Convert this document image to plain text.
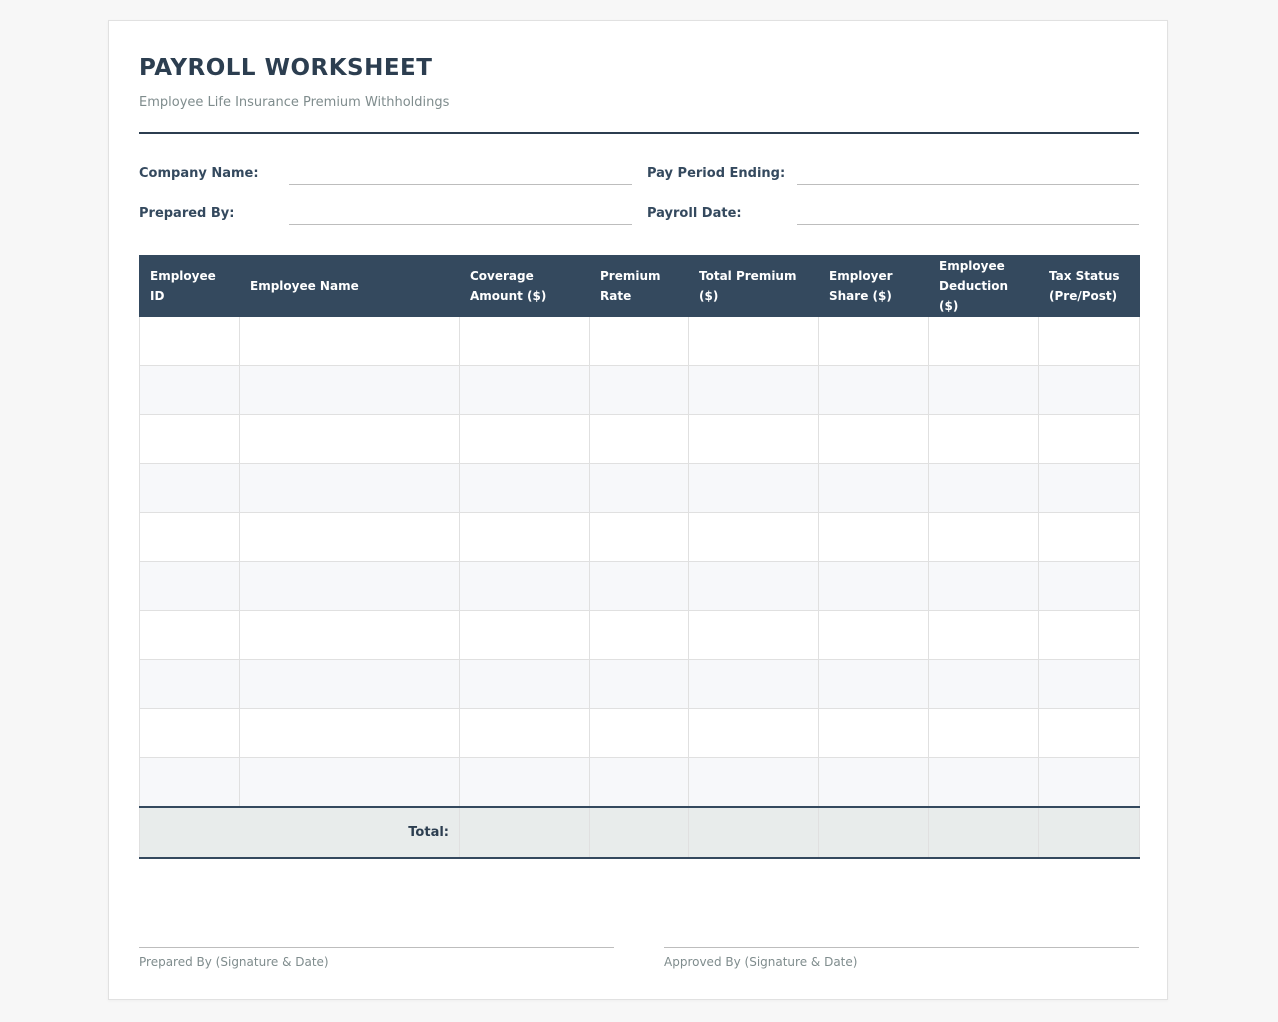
PAYROLL WORKSHEET
Employee Life Insurance Premium Withholdings
Company Name:	Pay Period Ending:
Prepared By:	Payroll Date:
Employee ID	Employee Name	Coverage Amount ($)	Premium Rate	Total Premium ($)	Employer Share ($)	Employee Deduction ($)	Tax Status (Pre/Post)

Total:							
Prepared By (Signature & Date)	Approved By (Signature & Date)
